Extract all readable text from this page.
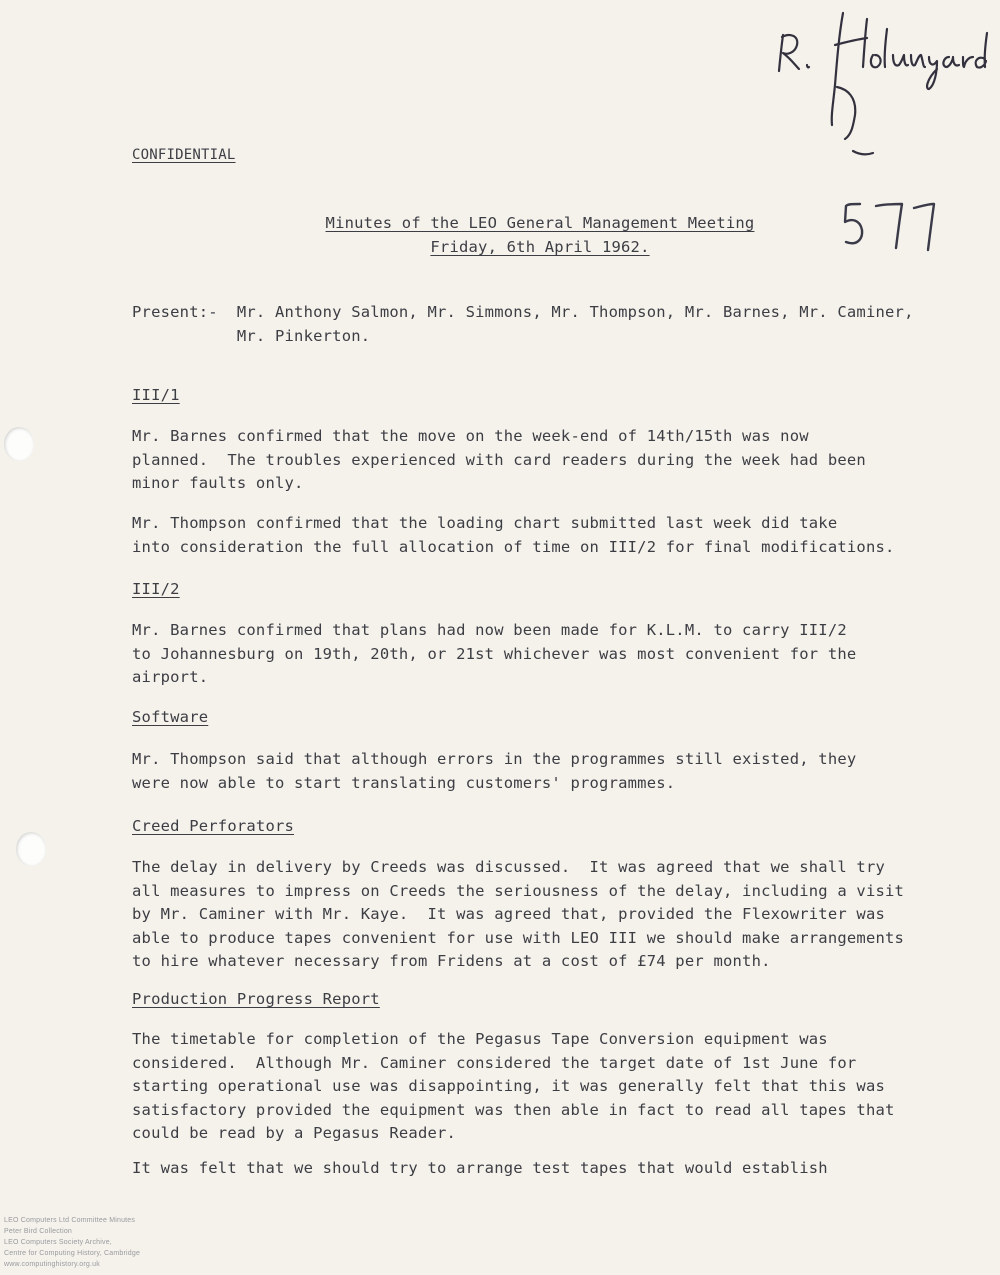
CONFIDENTIAL
Minutes of the LEO General Management Meeting
Friday, 6th April 1962.
Present:-  Mr. Anthony Salmon, Mr. Simmons, Mr. Thompson, Mr. Barnes, Mr. Caminer,
Mr. Pinkerton.
III/1
Mr. Barnes confirmed that the move on the week-end of 14th/15th was now
planned.  The troubles experienced with card readers during the week had been
minor faults only.
Mr. Thompson confirmed that the loading chart submitted last week did take
into consideration the full allocation of time on III/2 for final modifications.
III/2
Mr. Barnes confirmed that plans had now been made for K.L.M. to carry III/2
to Johannesburg on 19th, 20th, or 21st whichever was most convenient for the
airport.
Software
Mr. Thompson said that although errors in the programmes still existed, they
were now able to start translating customers' programmes.
Creed Perforators
The delay in delivery by Creeds was discussed.  It was agreed that we shall try
all measures to impress on Creeds the seriousness of the delay, including a visit
by Mr. Caminer with Mr. Kaye.  It was agreed that, provided the Flexowriter was
able to produce tapes convenient for use with LEO III we should make arrangements
to hire whatever necessary from Fridens at a cost of £74 per month.
Production Progress Report
The timetable for completion of the Pegasus Tape Conversion equipment was
considered.  Although Mr. Caminer considered the target date of 1st June for
starting operational use was disappointing, it was generally felt that this was
satisfactory provided the equipment was then able in fact to read all tapes that
could be read by a Pegasus Reader.
It was felt that we should try to arrange test tapes that would establish
LEO Computers Ltd Committee Minutes
Peter Bird Collection
LEO Computers Society Archive,
Centre for Computing History, Cambridge
www.computinghistory.org.uk
